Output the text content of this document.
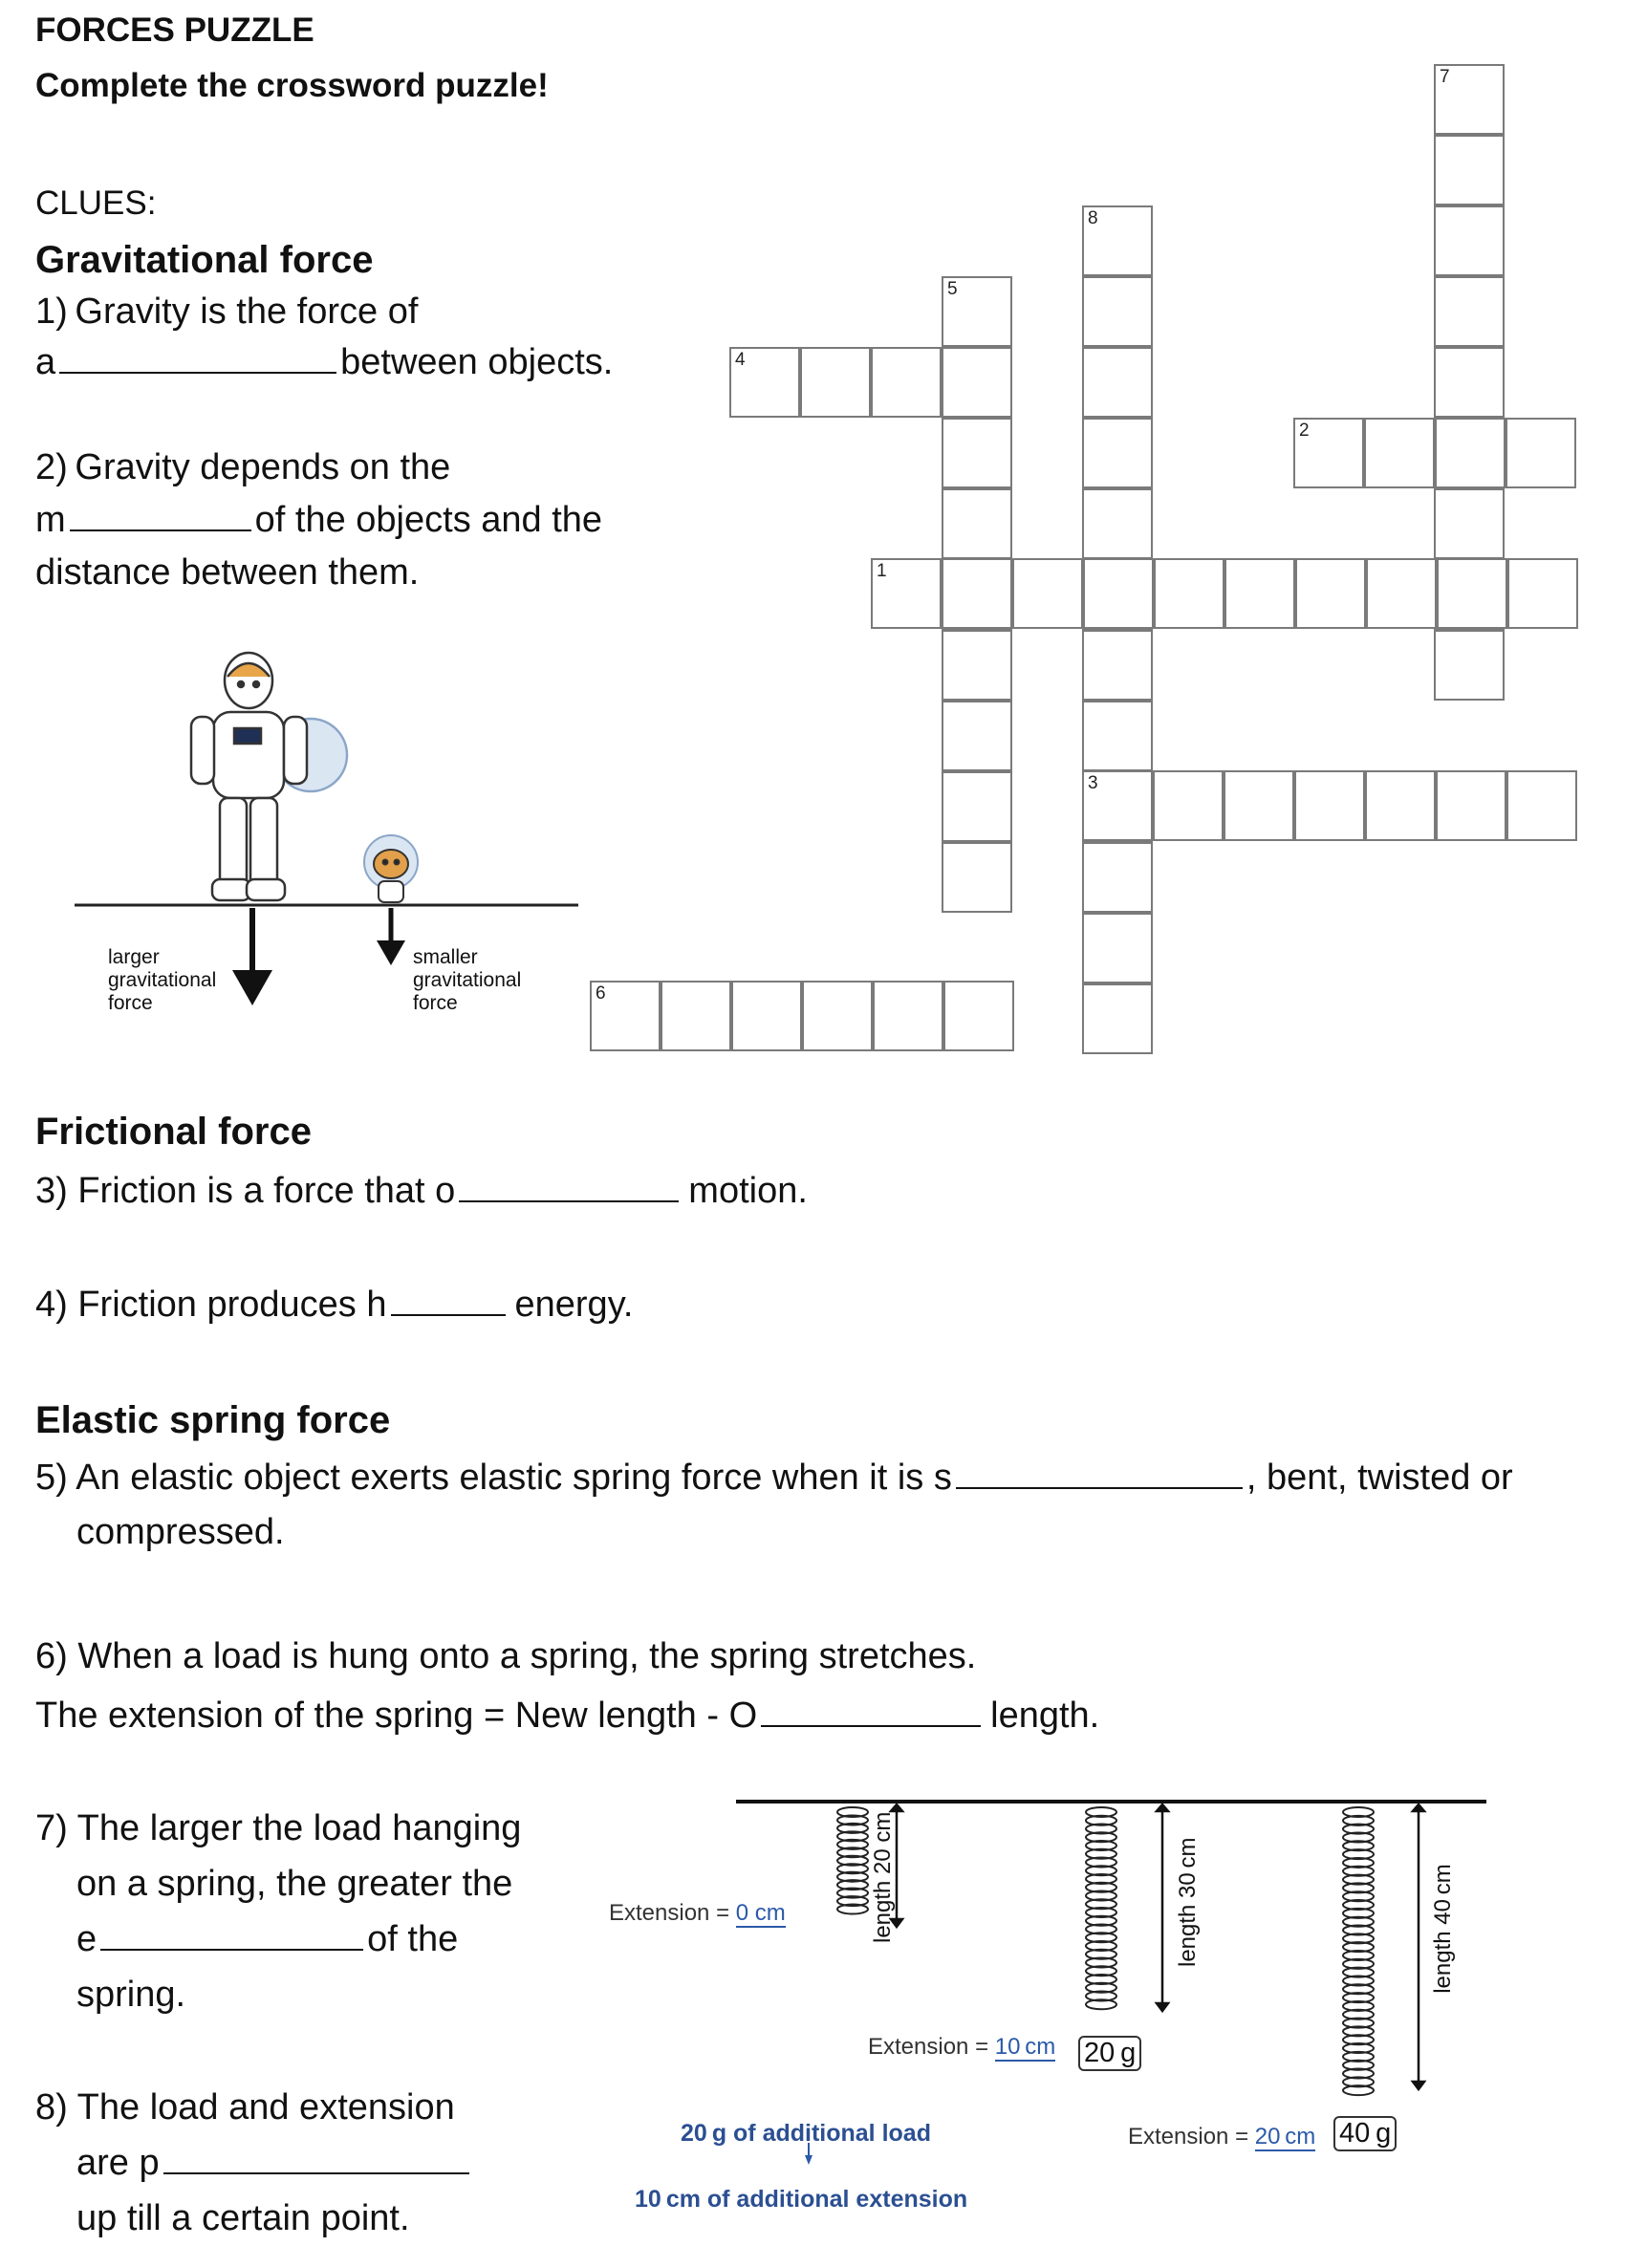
FORCES PUZZLE
Complete the crossword puzzle!
CLUES:
Gravitational force
1) Gravity is the force of
a	between objects.
2) Gravity depends on the
m	of the objects and the
distance between them.
larger gravitational force
smaller gravitational force
Frictional force
3) Friction is a force that o	motion.
4) Friction produces h	energy.
Elastic spring force
5) An elastic object exerts elastic spring force when it is s	, bent, twisted or
compressed.
6) When a load is hung onto a spring, the spring stretches.
The extension of the spring = New length - O	length.
7) The larger the load hanging
on a spring, the greater the
e	of the
spring.
8) The load and extension
are p
up till a certain point.
7
8
5
4
2
1
3
6
Extension = 0 cm	length 20 cm
Extension = 10 cm 20 g
length 30 cm
Extension = 20 cm 40 g
length 40 cm
20 g of additional load
10 cm of additional extension
